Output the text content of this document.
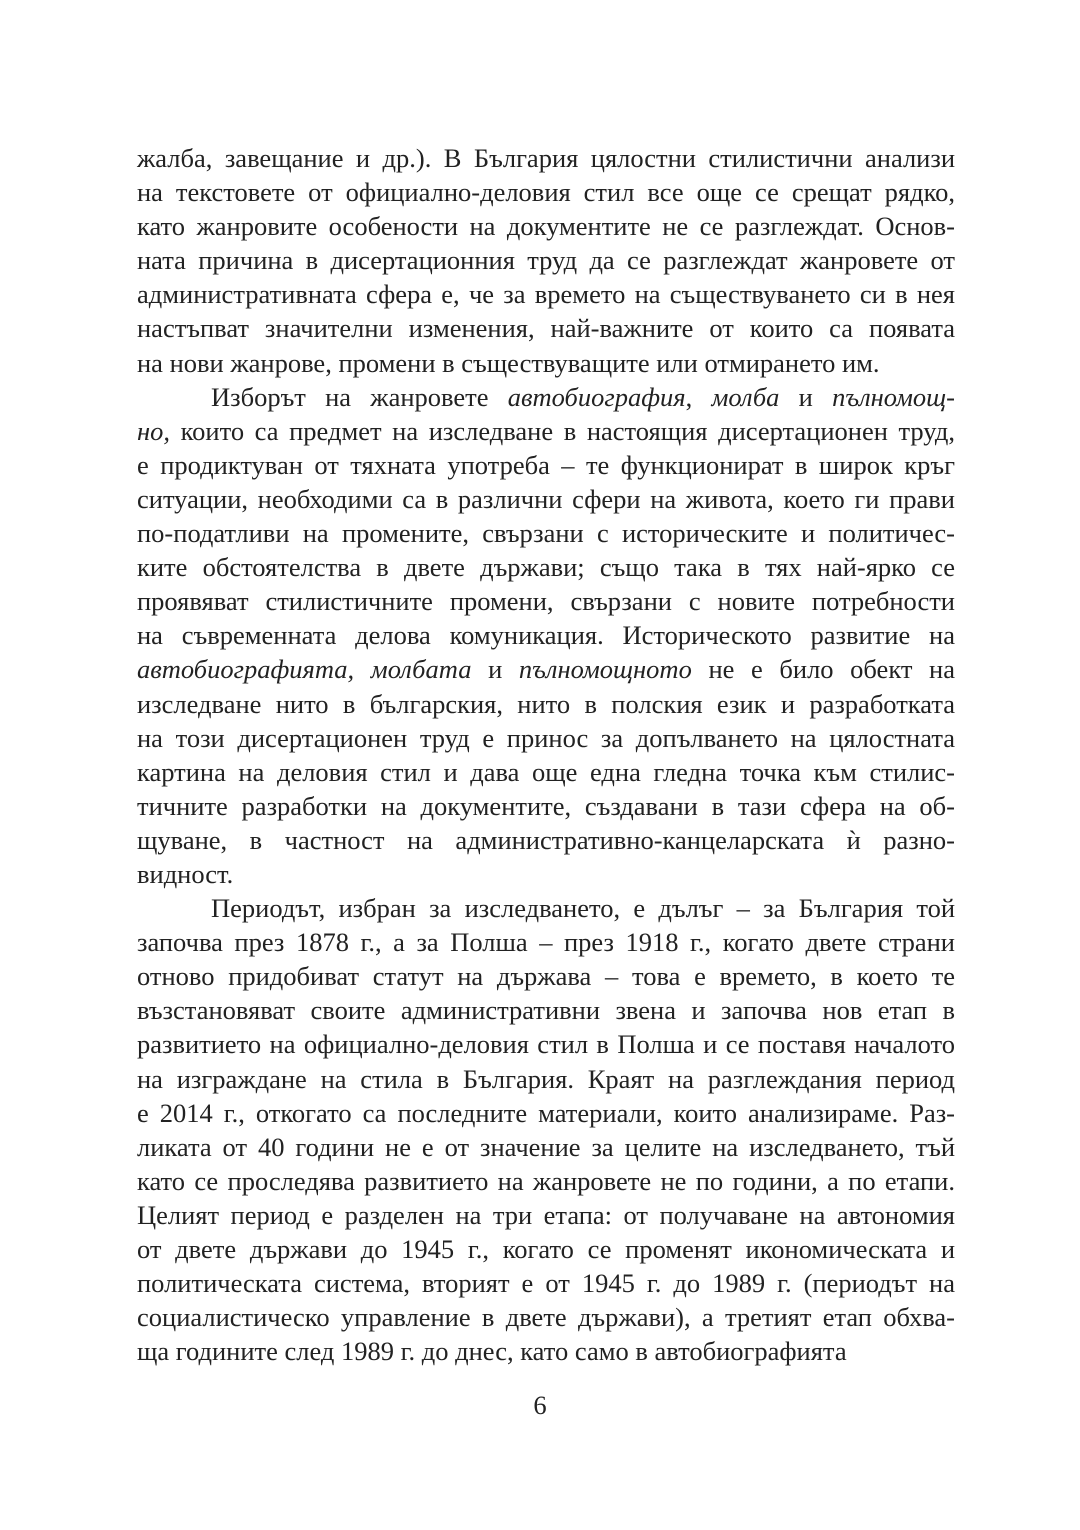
жалба, завещание и др.). В България цялостни стилистични анализи
на текстовете от официално-деловия стил все още се срещат рядко,
като жанровите особености на документите не се разглеждат. Основ-
ната причина в дисертационния труд да се разглеждат жанровете от
административната сфера е, че за времето на съществуването си в нея
настъпват значителни изменения, най-важните от които са появата
на нови жанрове, промени в съществуващите или отмирането им.
Изборът на жанровете автобиография, молба и пълномощ-
но, които са предмет на изследване в настоящия дисертационен труд,
е продиктуван от тяхната употреба – те функционират в широк кръг
ситуации, необходими са в различни сфери на живота, което ги прави
по-податливи на промените, свързани с историческите и политичес-
ките обстоятелства в двете държави; също така в тях най-ярко се
проявяват стилистичните промени, свързани с новите потребности
на съвременната делова комуникация. Историческото развитие на
автобиографията, молбата и пълномощното не е било обект на
изследване нито в българския, нито в полския език и разработката
на този дисертационен труд е принос за допълването на цялостната
картина на деловия стил и дава още една гледна точка към стилис-
тичните разработки на документите, създавани в тази сфера на об-
щуване, в частност на административно-канцеларската ѝ разно-
видност.
Периодът, избран за изследването, е дълъг – за България той
започва през 1878 г., а за Полша – през 1918 г., когато двете страни
отново придобиват статут на държава – това е времето, в което те
възстановяват своите административни звена и започва нов етап в
развитието на официално-деловия стил в Полша и се поставя началото
на изграждане на стила в България. Краят на разглеждания период
е 2014 г., откогато са последните материали, които анализираме. Раз-
ликата от 40 години не е от значение за целите на изследването, тъй
като се проследява развитието на жанровете не по години, а по етапи.
Целият период е разделен на три етапа: от получаване на автономия
от двете държави до 1945 г., когато се променят икономическата и
политическата система, вторият е от 1945 г. до 1989 г. (периодът на
социалистическо управление в двете държави), а третият етап обхва-
ща годините след 1989 г. до днес, като само в автобиографията
6
